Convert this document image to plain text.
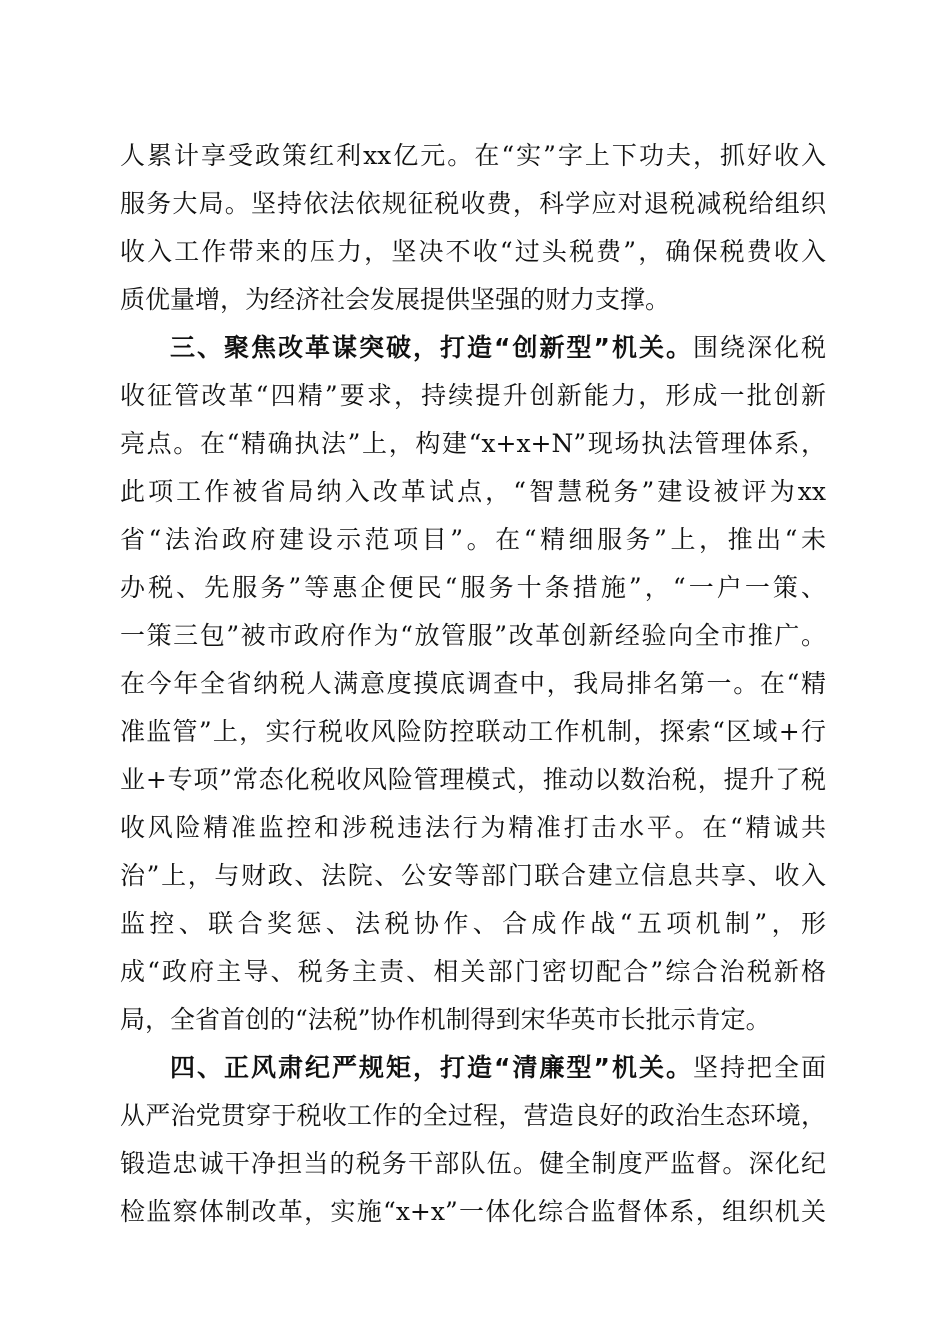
人累计享受政策红利xx亿元。在“实”字上下功夫，抓好收入
服务大局。坚持依法依规征税收费，科学应对退税减税给组织
收入工作带来的压力，坚决不收“过头税费”，确保税费收入
质优量增，为经济社会发展提供坚强的财力支撑。
三、聚焦改革谋突破，打造“创新型”机关。围绕深化税
收征管改革“四精”要求，持续提升创新能力，形成一批创新
亮点。在“精确执法”上，构建“x+x+N”现场执法管理体系，
此项工作被省局纳入改革试点，“智慧税务”建设被评为xx
省“法治政府建设示范项目”。在“精细服务”上，推出“未
办税、先服务”等惠企便民“服务十条措施”，“一户一策、
一策三包”被市政府作为“放管服”改革创新经验向全市推广。
在今年全省纳税人满意度摸底调查中，我局排名第一。在“精
准监管”上，实行税收风险防控联动工作机制，探索“区域+行
业+专项”常态化税收风险管理模式，推动以数治税，提升了税
收风险精准监控和涉税违法行为精准打击水平。在“精诚共
治”上，与财政、法院、公安等部门联合建立信息共享、收入
监控、联合奖惩、法税协作、合成作战“五项机制”，形
成“政府主导、税务主责、相关部门密切配合”综合治税新格
局，全省首创的“法税”协作机制得到宋华英市长批示肯定。
四、正风肃纪严规矩，打造“清廉型”机关。坚持把全面
从严治党贯穿于税收工作的全过程，营造良好的政治生态环境，
锻造忠诚干净担当的税务干部队伍。健全制度严监督。深化纪
检监察体制改革，实施“x+x”一体化综合监督体系，组织机关
